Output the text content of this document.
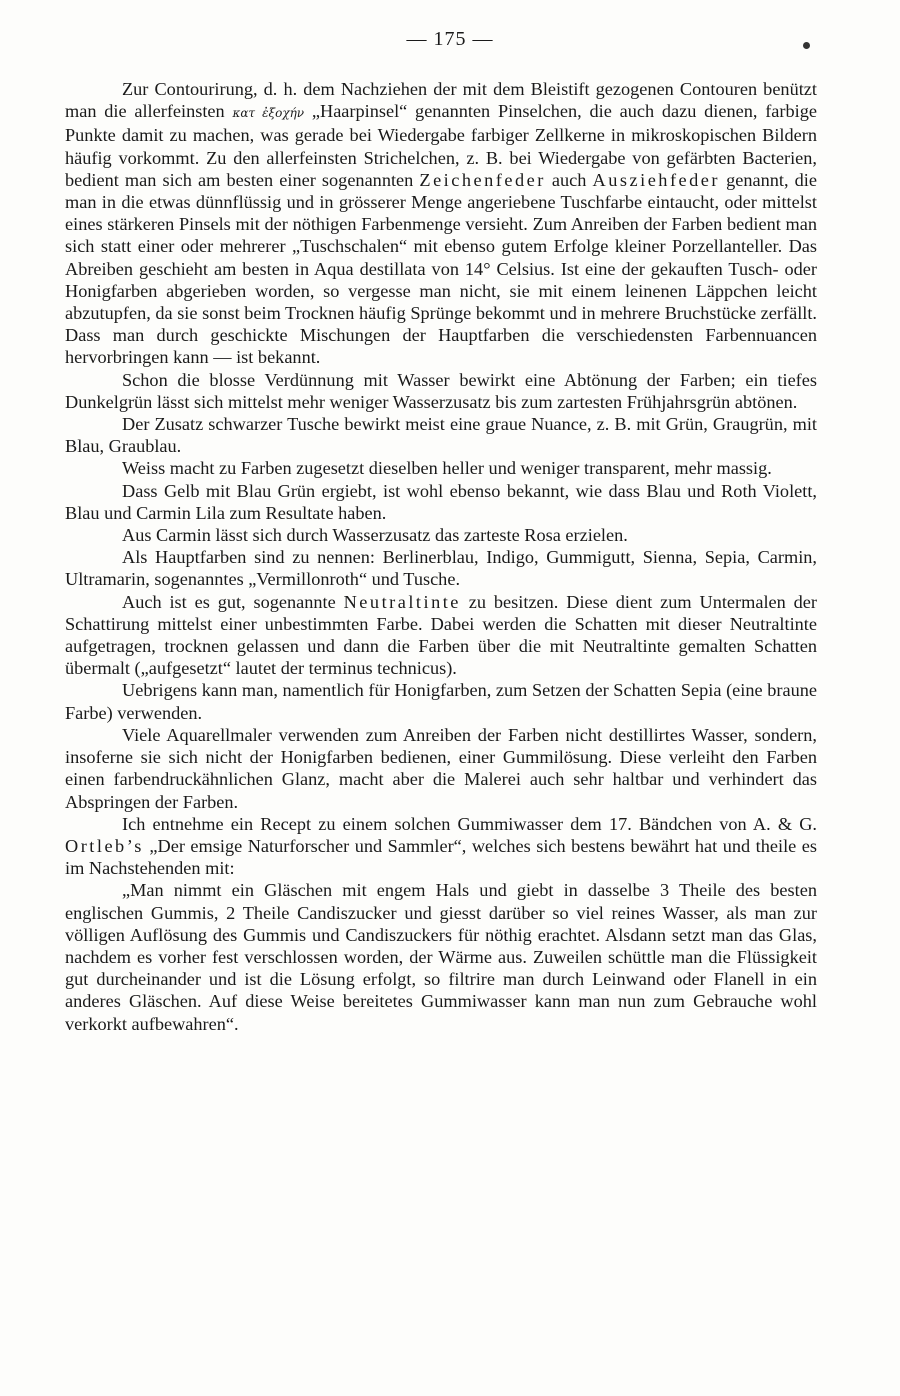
— 175 —

Zur Contourirung, d. h. dem Nachziehen der mit dem Bleistift gezogenen Contouren benützt man die allerfeinsten κατ ἐξοχήν „Haarpinsel“ genannten Pinselchen, die auch dazu dienen, farbige Punkte damit zu machen, was gerade bei Wiedergabe farbiger Zellkerne in mikroskopischen Bildern häufig vorkommt. Zu den allerfeinsten Strichelchen, z. B. bei Wiedergabe von gefärbten Bacterien, bedient man sich am besten einer sogenannten Zeichenfeder auch Ausziehfeder genannt, die man in die etwas dünnflüssig und in grösserer Menge angeriebene Tuschfarbe eintaucht, oder mittelst eines stärkeren Pinsels mit der nöthigen Farbenmenge versieht. Zum Anreiben der Farben bedient man sich statt einer oder mehrerer „Tuschschalen“ mit ebenso gutem Erfolge kleiner Porzellanteller. Das Abreiben geschieht am besten in Aqua destillata von 14° Celsius. Ist eine der gekauften Tusch- oder Honigfarben abgerieben worden, so vergesse man nicht, sie mit einem leinenen Läppchen leicht abzutupfen, da sie sonst beim Trocknen häufig Sprünge bekommt und in mehrere Bruchstücke zerfällt. Dass man durch geschickte Mischungen der Hauptfarben die verschiedensten Farbennuancen hervorbringen kann — ist bekannt.

Schon die blosse Verdünnung mit Wasser bewirkt eine Abtönung der Farben; ein tiefes Dunkelgrün lässt sich mittelst mehr weniger Wasserzusatz bis zum zartesten Frühjahrsgrün abtönen.

Der Zusatz schwarzer Tusche bewirkt meist eine graue Nuance, z. B. mit Grün, Graugrün, mit Blau, Graublau.

Weiss macht zu Farben zugesetzt dieselben heller und weniger transparent, mehr massig.

Dass Gelb mit Blau Grün ergiebt, ist wohl ebenso bekannt, wie dass Blau und Roth Violett, Blau und Carmin Lila zum Resultate haben.

Aus Carmin lässt sich durch Wasserzusatz das zarteste Rosa erzielen.

Als Hauptfarben sind zu nennen: Berlinerblau, Indigo, Gummigutt, Sienna, Sepia, Carmin, Ultramarin, sogenanntes „Vermillonroth“ und Tusche.

Auch ist es gut, sogenannte Neutraltinte zu besitzen. Diese dient zum Untermalen der Schattirung mittelst einer unbestimmten Farbe. Dabei werden die Schatten mit dieser Neutraltinte aufgetragen, trocknen gelassen und dann die Farben über die mit Neutraltinte gemalten Schatten übermalt („aufgesetzt“ lautet der terminus technicus).

Uebrigens kann man, namentlich für Honigfarben, zum Setzen der Schatten Sepia (eine braune Farbe) verwenden.

Viele Aquarellmaler verwenden zum Anreiben der Farben nicht destillirtes Wasser, sondern, insoferne sie sich nicht der Honigfarben bedienen, einer Gummilösung. Diese verleiht den Farben einen farbendruckähnlichen Glanz, macht aber die Malerei auch sehr haltbar und verhindert das Abspringen der Farben.

Ich entnehme ein Recept zu einem solchen Gummiwasser dem 17. Bändchen von A. & G. Ortleb’s „Der emsige Naturforscher und Sammler“, welches sich bestens bewährt hat und theile es im Nachstehenden mit:

„Man nimmt ein Gläschen mit engem Hals und giebt in dasselbe 3 Theile des besten englischen Gummis, 2 Theile Candiszucker und giesst darüber so viel reines Wasser, als man zur völligen Auflösung des Gummis und Candiszuckers für nöthig erachtet. Alsdann setzt man das Glas, nachdem es vorher fest verschlossen worden, der Wärme aus. Zuweilen schüttle man die Flüssigkeit gut durcheinander und ist die Lösung erfolgt, so filtrire man durch Leinwand oder Flanell in ein anderes Gläschen. Auf diese Weise bereitetes Gummiwasser kann man nun zum Gebrauche wohl verkorkt aufbewahren“.
